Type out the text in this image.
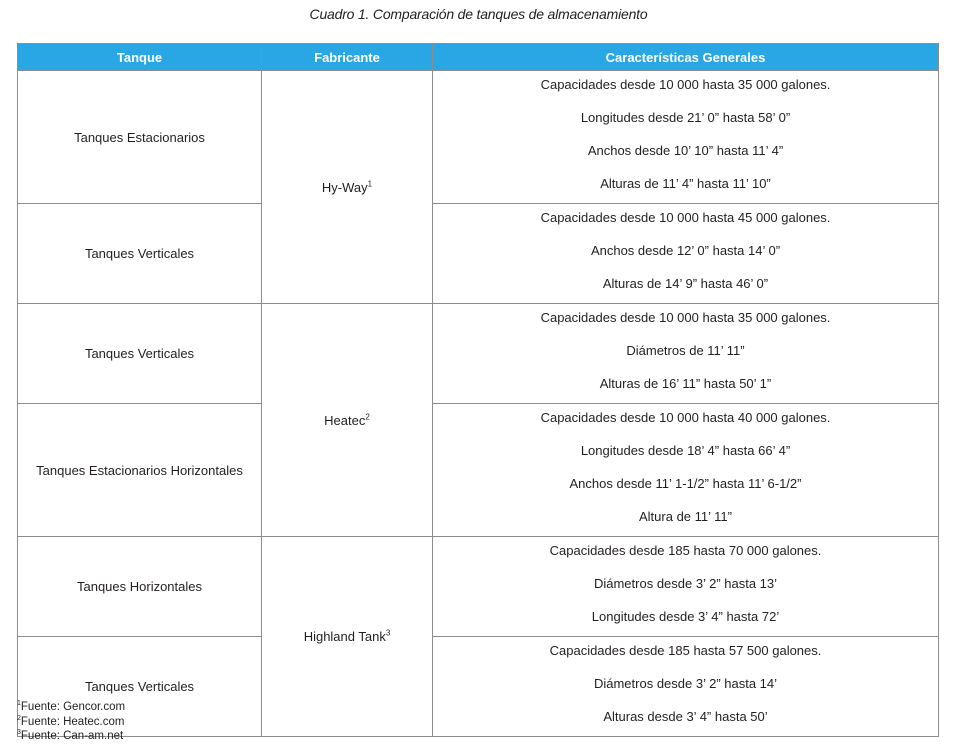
Cuadro 1. Comparación de tanques de almacenamiento
Tanque	Fabricante	Características Generales
Tanques Estacionarios	Hy-Way$^1$	Capacidades desde 10 000 hasta 35 000 galones.
Longitudes desde 21’ 0” hasta 58’ 0”
Anchos desde 10’ 10” hasta 11’ 4”
Alturas de 11’ 4” hasta 11’ 10”

Tanques Verticales		Capacidades desde 10 000 hasta 45 000 galones.
Anchos desde 12’ 0” hasta 14’ 0”
Alturas de 14’ 9” hasta 46’ 0”

Tanques Verticales	Heatec$^2$	Capacidades desde 10 000 hasta 35 000 galones.
Diámetros de 11’ 11”
Alturas de 16’ 11” hasta 50’ 1”

Tanques Estacionarios Horizontales		Capacidades desde 10 000 hasta 40 000 galones.
Longitudes desde 18’ 4” hasta 66’ 4”
Anchos desde 11’ 1-1/2” hasta 11’ 6-1/2”
Altura de 11’ 11”

Tanques Horizontales	Highland Tank$^3$	Capacidades desde 185 hasta 70 000 galones.
Diámetros desde 3’ 2” hasta 13’
Longitudes desde 3’ 4” hasta 72’

Tanques Verticales		Capacidades desde 185 hasta 57 500 galones.
Diámetros desde 3’ 2” hasta 14’
Alturas desde 3’ 4” hasta 50’
$^1$Fuente: Gencor.com
$^2$Fuente: Heatec.com
$^3$Fuente: Can-am.net
